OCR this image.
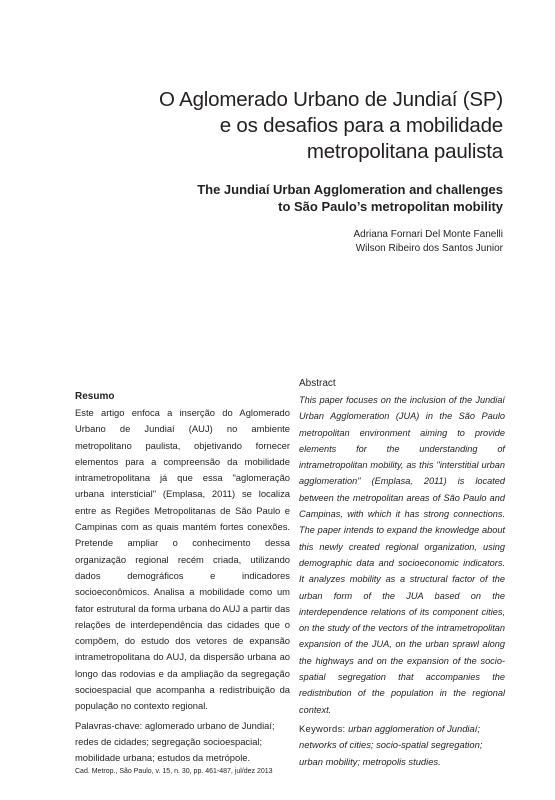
O Aglomerado Urbano de Jundiaí (SP)
e os desafios para a mobilidade
metropolitana paulista
The Jundiaí Urban Agglomeration and challenges
to São Paulo’s metropolitan mobility
Adriana Fornari Del Monte Fanelli
Wilson Ribeiro dos Santos Junior
Resumo
Este artigo enfoca a inserção do Aglomerado Urbano de Jundiaí (AUJ) no ambiente metropolitano paulista, objetivando fornecer elementos para a compreensão da mobilidade intrametropolitana já que essa "aglomeração urbana intersticial" (Emplasa, 2011) se localiza entre as Regiões Metropolitanas de São Paulo e Campinas com as quais mantém fortes conexões. Pretende ampliar o conhecimento dessa organização regional recém criada, utilizando dados demográficos e indicadores socioeconômicos. Analisa a mobilidade como um fator estrutural da forma urbana do AUJ a partir das relações de interdependência das cidades que o compõem, do estudo dos vetores de expansão intrametropolitana do AUJ, da dispersão urbana ao longo das rodovias e da ampliação da segregação socioespacial que acompanha a redistribuição da população no contexto regional.
Palavras-chave: aglomerado urbano de Jundiaí; redes de cidades; segregação socioespacial; mobilidade urbana; estudos da metrópole.
Abstract
This paper focuses on the inclusion of the Jundiaí Urban Agglomeration (JUA) in the São Paulo metropolitan environment aiming to provide elements for the understanding of intrametropolitan mobility, as this "interstitial urban agglomeration" (Emplasa, 2011) is located between the metropolitan areas of São Paulo and Campinas, with which it has strong connections. The paper intends to expand the knowledge about this newly created regional organization, using demographic data and socioeconomic indicators. It analyzes mobility as a structural factor of the urban form of the JUA based on the interdependence relations of its component cities, on the study of the vectors of the intrametropolitan expansion of the JUA, on the urban sprawl along the highways and on the expansion of the socio-spatial segregation that accompanies the redistribution of the population in the regional context.
Keywords: urban agglomeration of Jundiaí; networks of cities; socio-spatial segregation; urban mobility; metropolis studies.
Cad. Metrop., São Paulo, v. 15, n. 30, pp. 461-487, jul/dez 2013
